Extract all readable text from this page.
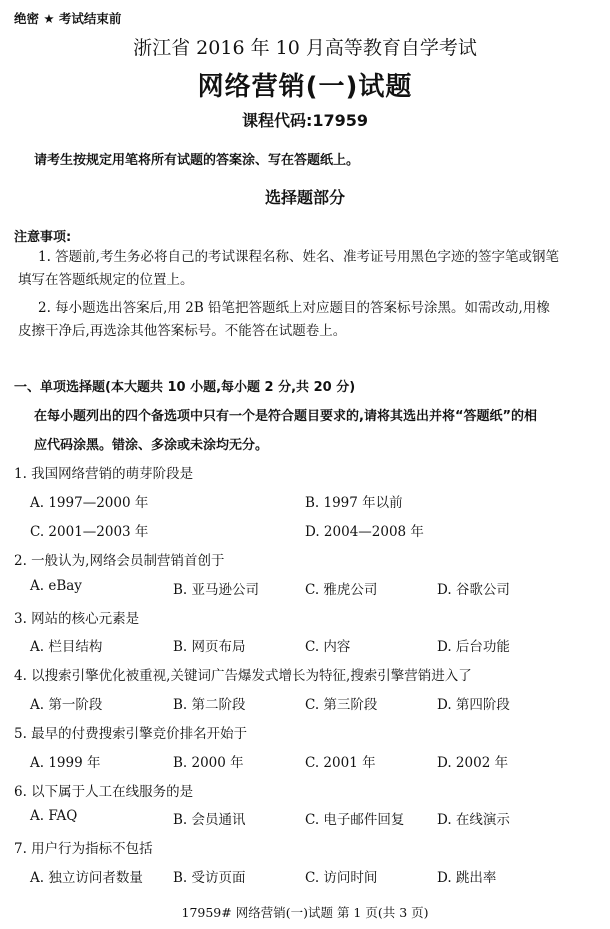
绝密 ★ 考试结束前
浙江省 2016 年 10 月高等教育自学考试
网络营销(一)试题
课程代码:17959
请考生按规定用笔将所有试题的答案涂、写在答题纸上。
选择题部分
注意事项:

1. 答题前,考生务必将自己的考试课程名称、姓名、准考证号用黑色字迹的签字笔或钢笔

填写在答题纸规定的位置上。

2. 每小题选出答案后,用 2B 铅笔把答题纸上对应题目的答案标号涂黑。如需改动,用橡

皮擦干净后,再选涂其他答案标号。不能答在试题卷上。

一、单项选择题(本大题共 10 小题,每小题 2 分,共 20 分)
在每小题列出的四个备选项中只有一个是符合题目要求的,请将其选出并将“答题纸”的相
应代码涂黑。错涂、多涂或未涂均无分。
1. 我国网络营销的萌芽阶段是
A. 1997—2000 年	B. 1997 年以前
C. 2001—2003 年	D. 2004—2008 年
2. 一般认为,网络会员制营销首创于
A. eBay	B. 亚马逊公司	C. 雅虎公司	D. 谷歌公司
3. 网站的核心元素是
A. 栏目结构	B. 网页布局	C. 内容	D. 后台功能
4. 以搜索引擎优化被重视,关键词广告爆发式增长为特征,搜索引擎营销进入了
A. 第一阶段	B. 第二阶段	C. 第三阶段	D. 第四阶段
5. 最早的付费搜索引擎竞价排名开始于
A. 1999 年	B. 2000 年	C. 2001 年	D. 2002 年
6. 以下属于人工在线服务的是
A. FAQ	B. 会员通讯	C. 电子邮件回复 D. 在线演示
7. 用户行为指标不包括
A. 独立访问者数量 B. 受访页面	C. 访问时间	D. 跳出率
17959# 网络营销(一)试题 第 1 页(共 3 页)
